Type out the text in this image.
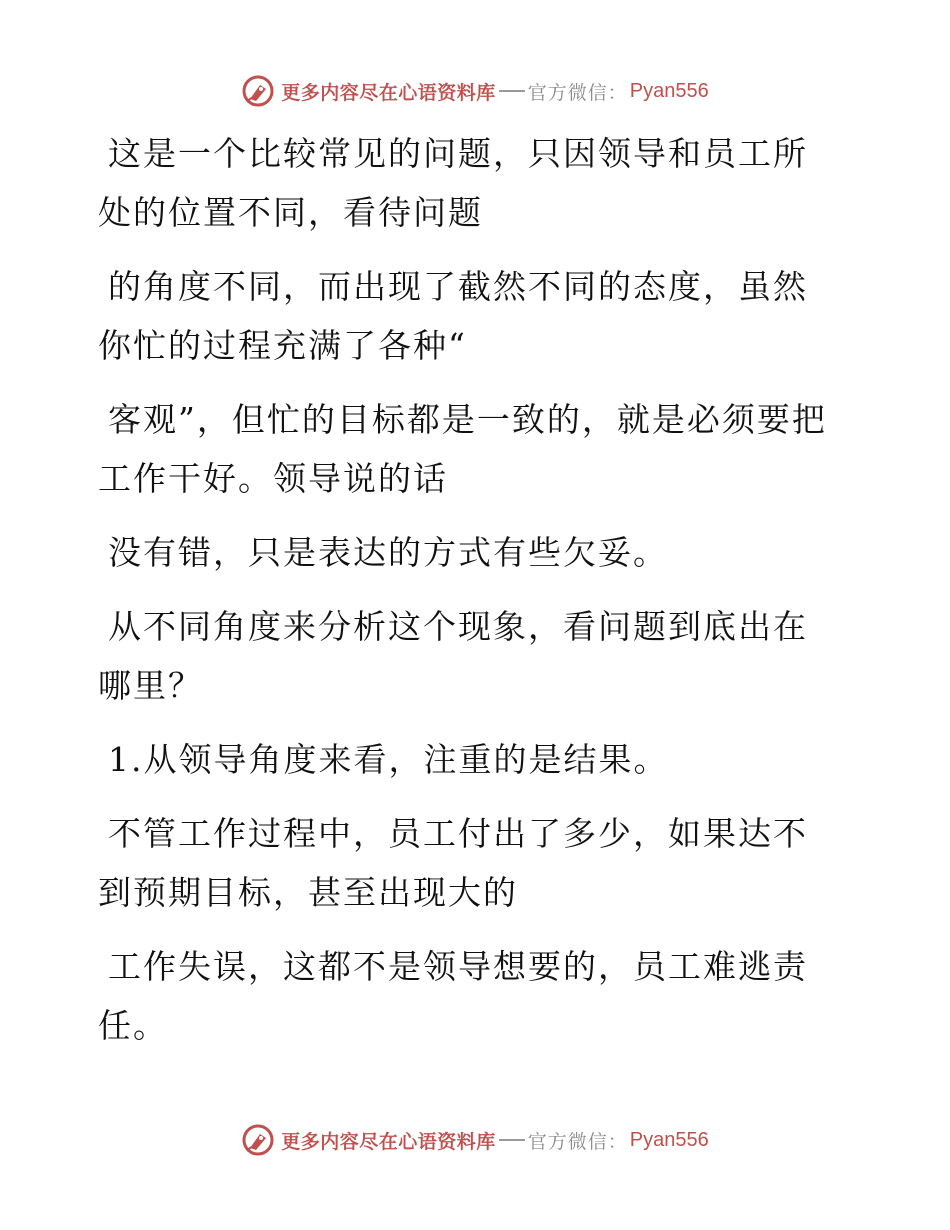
更多内容尽在心语资料库 官方微信： Pyan556

这是一个比较常见的问题，只因领导和员工所处的位置不同，看待问题

的角度不同，而出现了截然不同的态度，虽然你忙的过程充满了各种“

客观”，但忙的目标都是一致的，就是必须要把工作干好。领导说的话

没有错，只是表达的方式有些欠妥。

从不同角度来分析这个现象，看问题到底出在哪里？

1.从领导角度来看，注重的是结果。

不管工作过程中，员工付出了多少，如果达不到预期目标，甚至出现大的

工作失误，这都不是领导想要的，员工难逃责任。

更多内容尽在心语资料库 官方微信： Pyan556
